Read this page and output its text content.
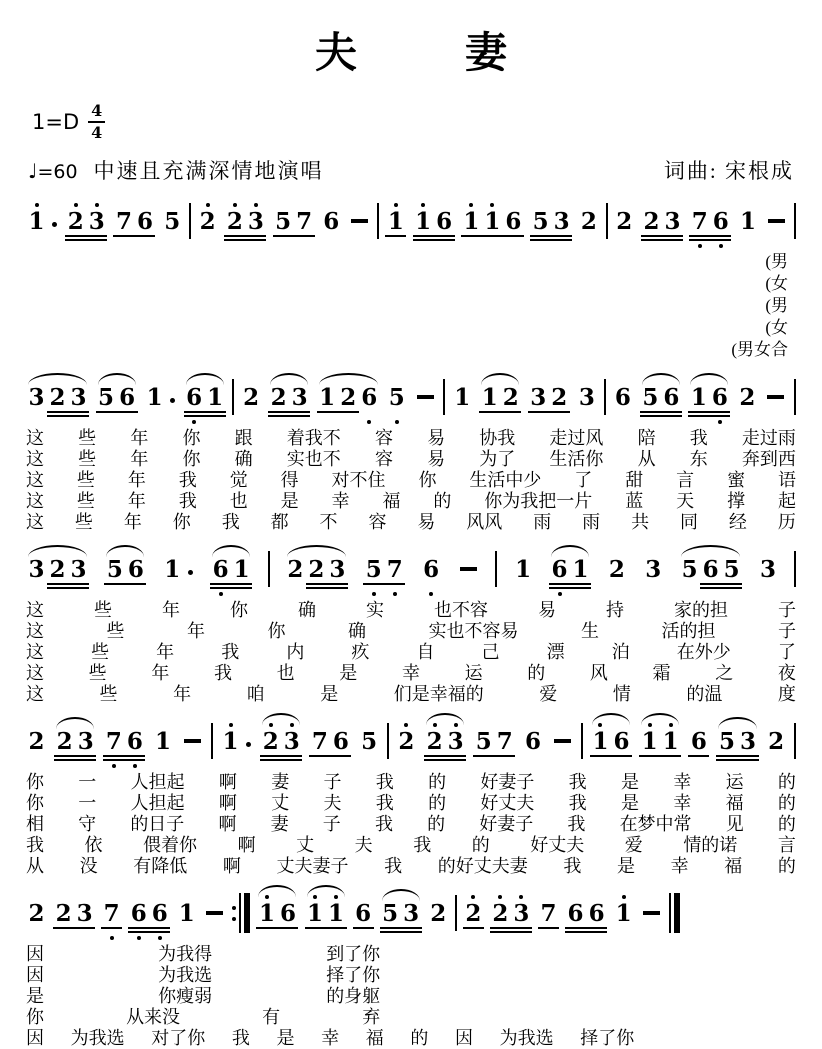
夫妻
$1=D \frac{4}{4}$
♩ =60 中速且充满深情地演唱	词曲: 宋根成
1 2 3 7 6 5 2 2 3 5 7 6 1 1 6 1 1 6 5 3 2 2 2 3 7 6 1
(男
(女
(男
(女
(男女合
3 2 3 5 6 1 6 1 2 2 3 1 2 6 5 1 1 2 3 2 3 6 5 6 1 6 2
这 些 年 你 跟 着我不 容 易 协我 走过风 陪 我 走过雨
这 些 年 你 确 实也不 容 易 为了 生活你 从 东 奔到西
这 些 年 我 觉 得 对不住 你 生活中少 了 甜 言 蜜 语
这 些 年 我 也 是 幸 福 的 你为我把一片 蓝 天 撑 起
这 些 年 你 我 都 不 容 易 风风 雨 雨 共 同 经 历
3 2 3 5 6 1 6 1 2 2 3 5 7 6	1 6 1 2 3 5 6 5 3
这	些	年	你	确	实	也不容	易	持	家的担	子
这	些	年	你	确	实也不容易	生	活的担	子
这	些	年	我	内	疚	自	己	漂	泊	在外少	了
这 些 年 我 也 是 幸 运 的 风 霜 之 夜
这	些	年	咱	是	们是幸福的	爱	情	的温	度
2 2 3 7 6 1 1 2 3 7 6 5 2 2 3 5 7 6 1 6 1 1 6 5 3 2
你 一 人担起 啊 妻 子 我 的 好妻子 我 是 幸 运 的
你 一 人担起 啊 丈 夫 我 的 好丈夫 我 是 幸 福 的
相 守 的日子 啊 妻 子 我 的 好妻子 我 在梦中常 见 的
我 依 偎着你 啊 丈 夫 我 的 好丈夫 爱 情的诺 言
从 没 有降低 啊 丈夫妻子 我 的好丈夫妻 我 是 幸 福 的
2 2 3 7 6 6 1	1 6 1 1 6 5 3 2 2 2 3 7 6 6 1
因	为我得	到了你
因	为我选	择了你
是	你瘦弱	的身躯
你	从来没	有	弃
因 为我选 对了你 我 是 幸 福 的 因 为我选 择了你
